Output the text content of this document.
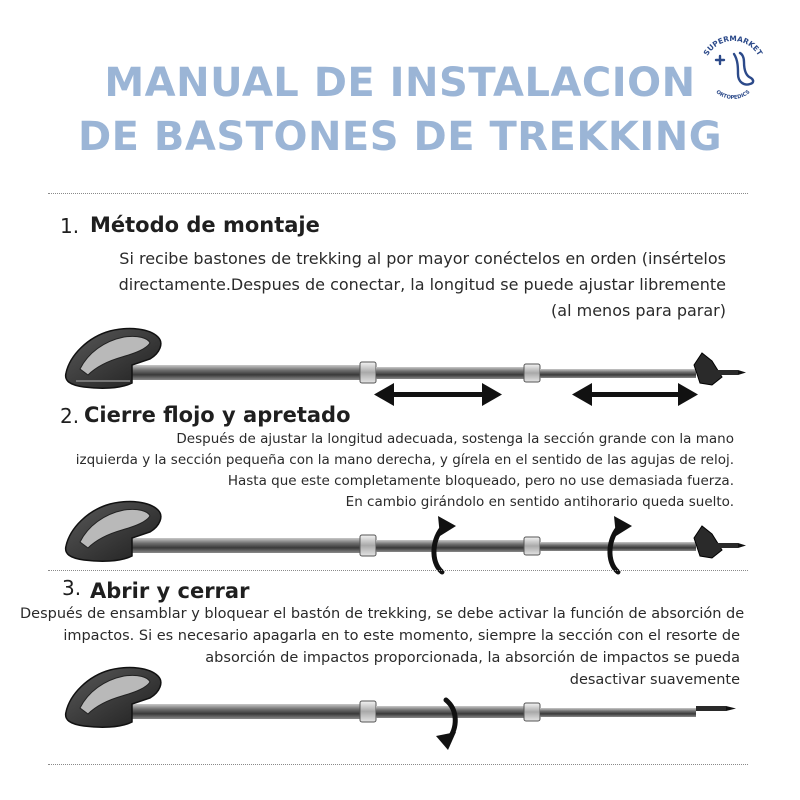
MANUAL DE INSTALACION
DE BASTONES DE TREKKING
SUPERMARKET
ORTOPEDICS
1. Método de montaje
Si recibe bastones de trekking al por mayor conéctelos en orden (insértelos
directamente.Despues de conectar, la longitud se puede ajustar libremente
(al menos para parar)
2. Cierre flojo y apretado
Después de ajustar la longitud adecuada, sostenga la sección grande con la mano
izquierda y la sección pequeña con la mano derecha, y gírela en el sentido de las agujas de reloj.
Hasta que este completamente bloqueado, pero no use demasiada fuerza.
En cambio girándolo en sentido antihorario queda suelto.
3. Abrir y cerrar
Después de ensamblar y bloquear el bastón de trekking, se debe activar la función de absorción de
impactos. Si es necesario apagarla en to este momento, siempre la sección con el resorte de
absorción de impactos proporcionada, la absorción de impactos se pueda
desactivar suavemente
